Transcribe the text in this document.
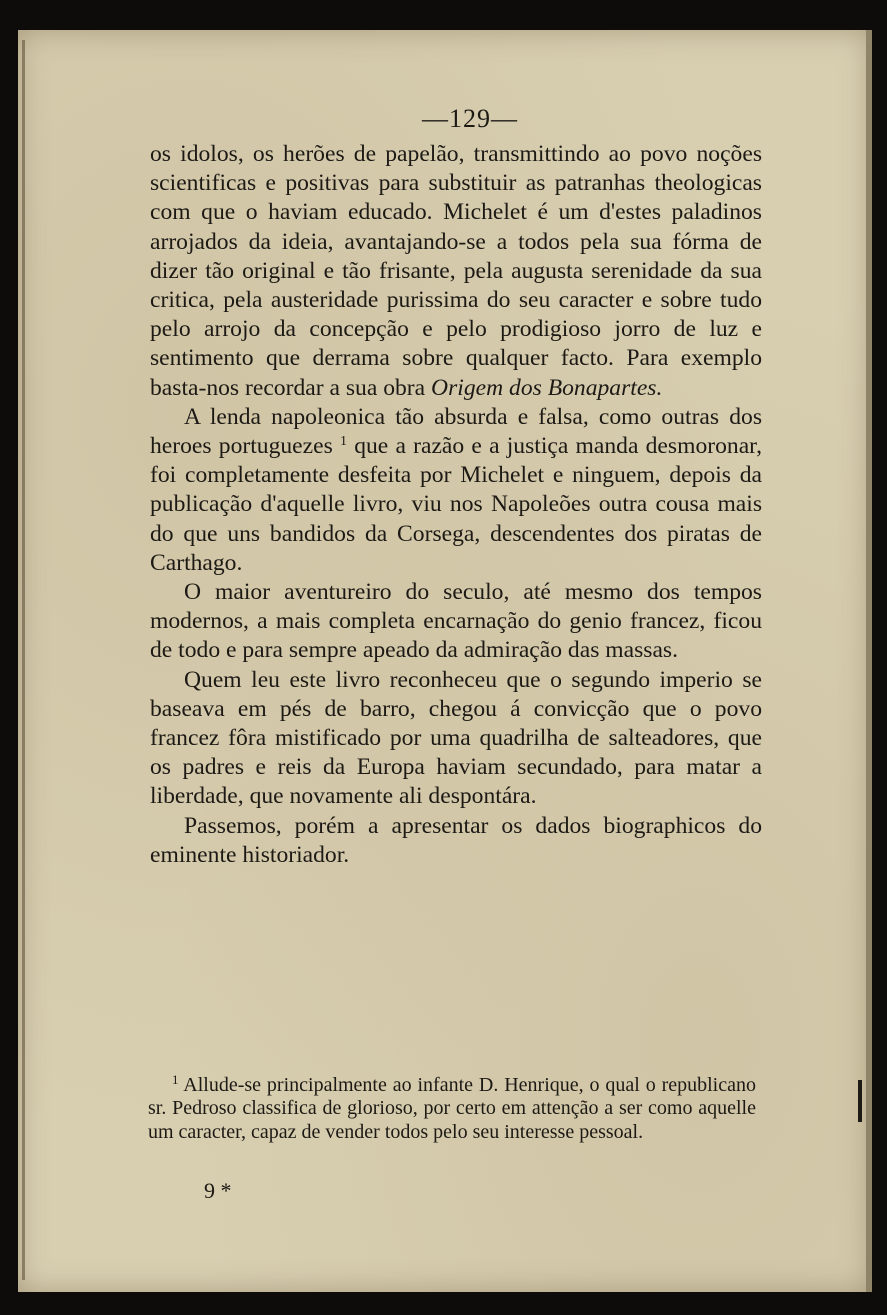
—129—

os idolos, os herões de papelão, transmittindo ao povo noções scientificas e positivas para substituir as patranhas theologicas com que o haviam educado. Michelet é um d'estes paladinos arrojados da ideia, avantajando-se a todos pela sua fórma de dizer tão original e tão frisante, pela augusta serenidade da sua critica, pela austeridade purissima do seu caracter e sobre tudo pelo arrojo da concepção e pelo prodigioso jorro de luz e sentimento que derrama sobre qualquer facto. Para exemplo basta-nos recordar a sua obra Origem dos Bonapartes.

A lenda napoleonica tão absurda e falsa, como outras dos heroes portuguezes $^1$ que a razão e a justiça manda desmoronar, foi completamente desfeita por Michelet e ninguem, depois da publicação d'aquelle livro, viu nos Napoleões outra cousa mais do que uns bandidos da Corsega, descendentes dos piratas de Carthago.

O maior aventureiro do seculo, até mesmo dos tempos modernos, a mais completa encarnação do genio francez, ficou de todo e para sempre apeado da admiração das massas.

Quem leu este livro reconheceu que o segundo imperio se baseava em pés de barro, chegou á convicção que o povo francez fôra mistificado por uma quadrilha de salteadores, que os padres e reis da Europa haviam secundado, para matar a liberdade, que novamente ali despontára.

Passemos, porém a apresentar os dados biographicos do eminente historiador.

$^1$ Allude-se principalmente ao infante D. Henrique, o qual o republicano sr. Pedroso classifica de glorioso, por certo em attenção a ser como aquelle um caracter, capaz de vender todos pelo seu interesse pessoal.

9 *
